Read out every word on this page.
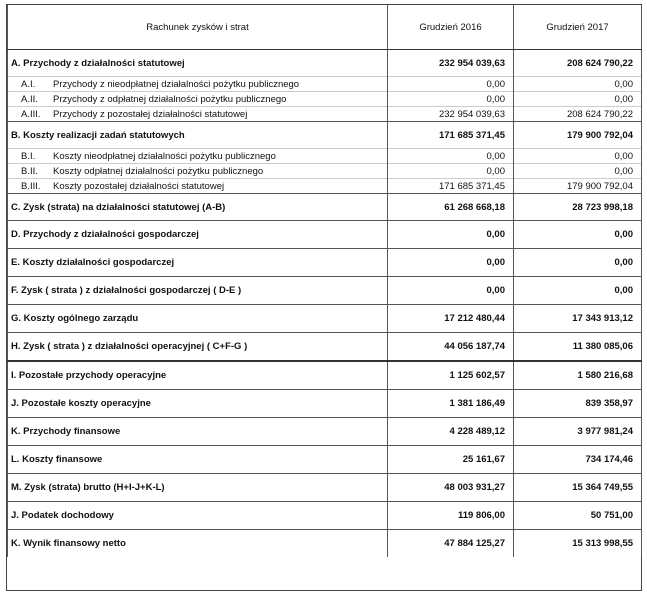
Rachunek zysków i strat	Grudzień 2016	Grudzień 2017
A. Przychody z działalności statutowej	232 954 039,63	208 624 790,22
A.I. Przychody z nieodpłatnej działalności pożytku publicznego	0,00	0,00
A.II. Przychody z odpłatnej działalności pożytku publicznego	0,00	0,00
A.III. Przychody z pozostałej działalności statutowej	232 954 039,63	208 624 790,22
B. Koszty realizacji zadań statutowych	171 685 371,45	179 900 792,04
B.I. Koszty nieodpłatnej działalności pożytku publicznego	0,00	0,00
B.II. Koszty odpłatnej działalności pożytku publicznego	0,00	0,00
B.III. Koszty pozostałej działalności statutowej	171 685 371,45	179 900 792,04
C. Zysk (strata) na działalności statutowej (A-B)	61 268 668,18	28 723 998,18
D. Przychody z działalności gospodarczej	0,00	0,00
E. Koszty działalności gospodarczej	0,00	0,00
F. Zysk ( strata ) z działalności gospodarczej ( D-E )	0,00	0,00
G. Koszty ogólnego zarządu	17 212 480,44	17 343 913,12
H. Zysk ( strata ) z działalności operacyjnej ( C+F-G )	44 056 187,74	11 380 085,06
I. Pozostałe przychody operacyjne	1 125 602,57	1 580 216,68
J. Pozostałe koszty operacyjne	1 381 186,49	839 358,97
K. Przychody finansowe	4 228 489,12	3 977 981,24
L. Koszty finansowe	25 161,67	734 174,46
M. Zysk (strata) brutto (H+I-J+K-L)	48 003 931,27	15 364 749,55
J. Podatek dochodowy	119 806,00	50 751,00
K. Wynik finansowy netto	47 884 125,27	15 313 998,55
